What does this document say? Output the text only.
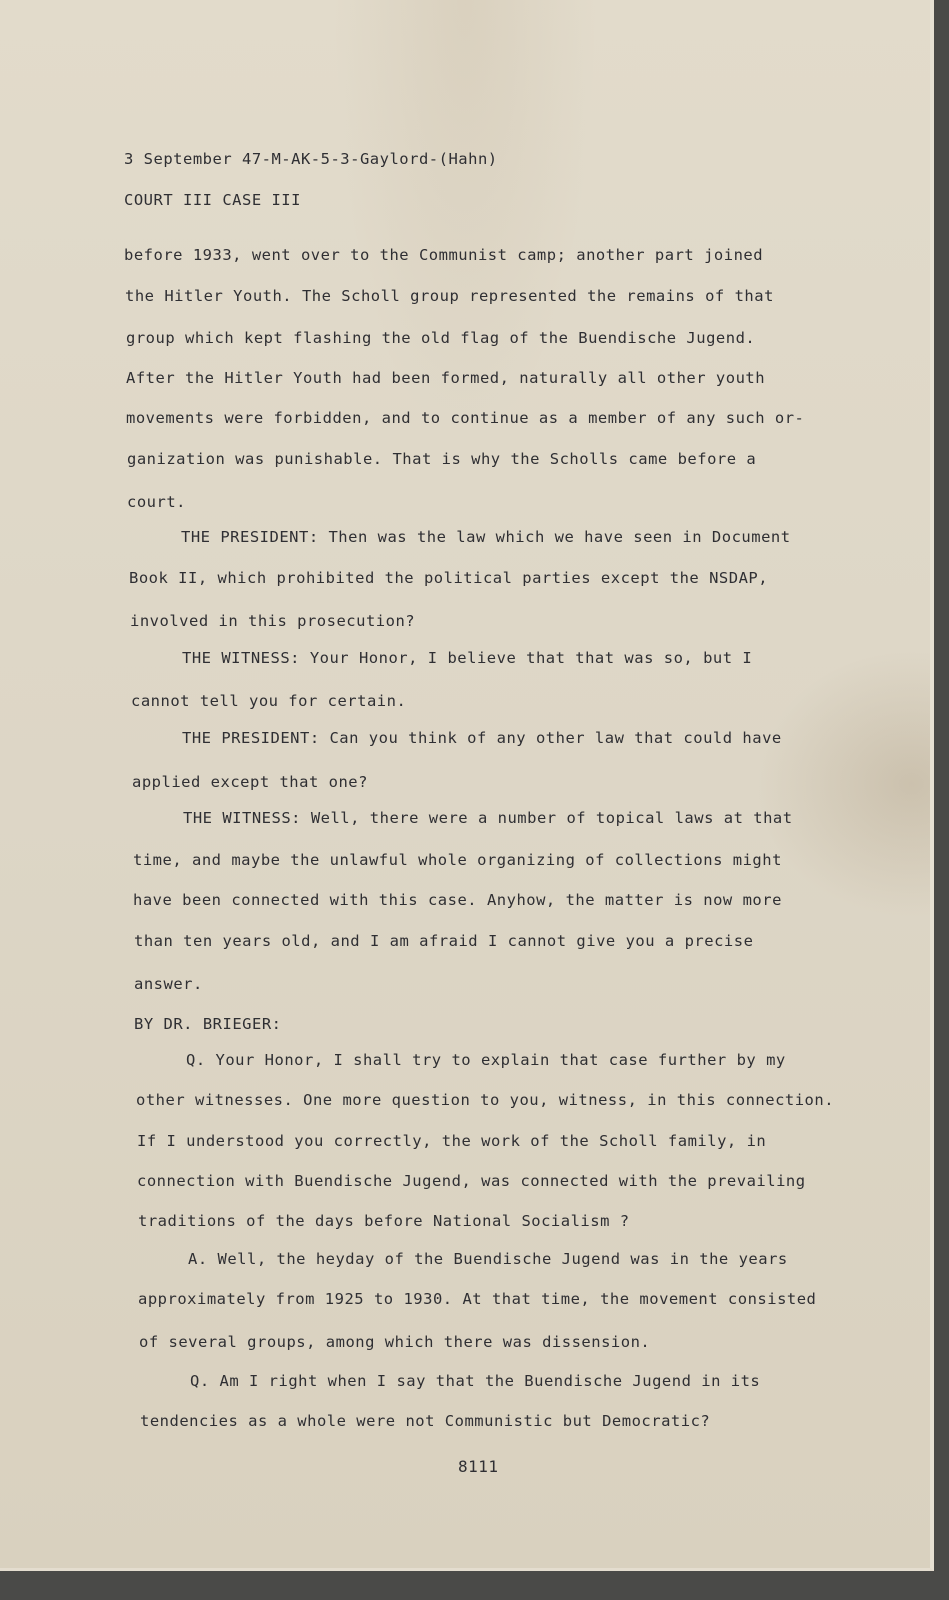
3 September 47-M-AK-5-3-Gaylord-(Hahn)
COURT III CASE III
before 1933, went over to the Communist camp; another part joined
the Hitler Youth. The Scholl group represented the remains of that
group which kept flashing the old flag of the Buendische Jugend.
After the Hitler Youth had been formed, naturally all other youth
movements were forbidden, and to continue as a member of any such or-
ganization was punishable. That is why the Scholls came before a
court.
THE PRESIDENT: Then was the law which we have seen in Document
Book II, which prohibited the political parties except the NSDAP,
involved in this prosecution?
THE WITNESS: Your Honor, I believe that that was so, but I
cannot tell you for certain.
THE PRESIDENT: Can you think of any other law that could have
applied except that one?
THE WITNESS: Well, there were a number of topical laws at that
time, and maybe the unlawful whole organizing of collections might
have been connected with this case. Anyhow, the matter is now more
than ten years old, and I am afraid I cannot give you a precise
answer.
BY DR. BRIEGER:
Q. Your Honor, I shall try to explain that case further by my
other witnesses. One more question to you, witness, in this connection.
If I understood you correctly, the work of the Scholl family, in
connection with Buendische Jugend, was connected with the prevailing
traditions of the days before National Socialism ?
A. Well, the heyday of the Buendische Jugend was in the years
approximately from 1925 to 1930. At that time, the movement consisted
of several groups, among which there was dissension.
Q. Am I right when I say that the Buendische Jugend in its
tendencies as a whole were not Communistic but Democratic?
8111
